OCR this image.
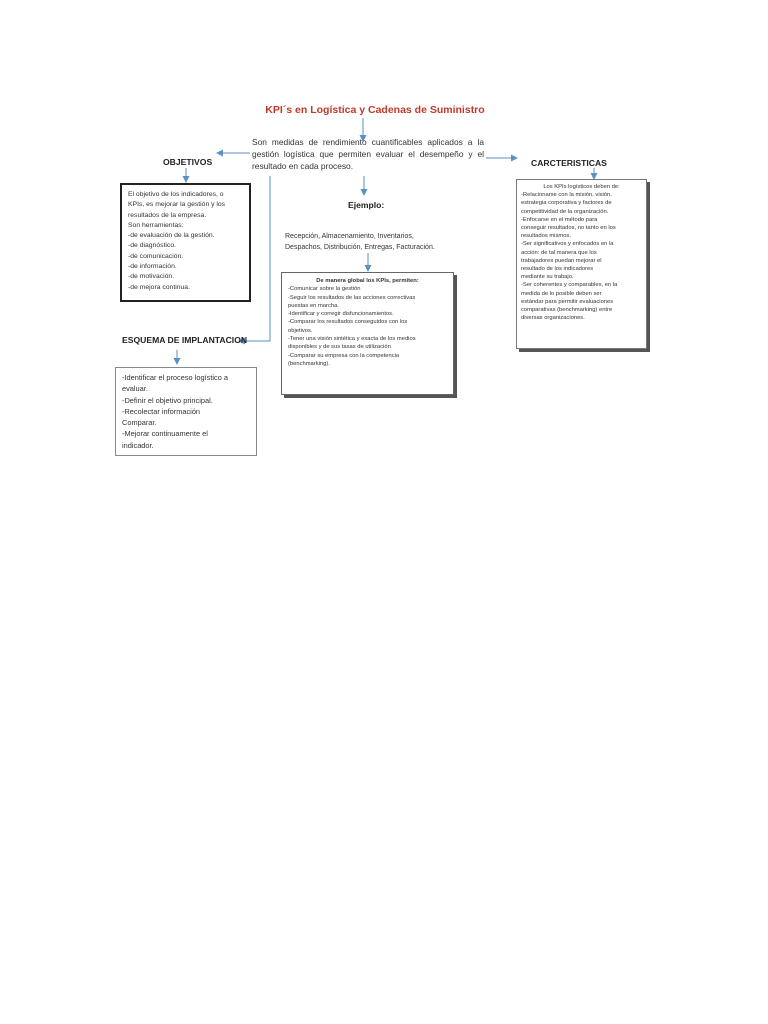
KPI´s en Logística y Cadenas de Suministro
Son medidas de rendimiento cuantificables aplicados a la gestión logística que permiten evaluar el desempeño y el resultado en cada proceso.
OBJETIVOS
El objetivo de los indicadores, o
KPIs, es mejorar la gestión y los
resultados de la empresa.
Son herramientas:
-de evaluación de la gestión.
-de diagnóstico.
-de comunicación.
-de información.
-de motivación.
-de mejora continua.
CARCTERISTICAS
Los KPIs logísticos deben de:
-Relacionarse con la misión, visión,
estrategia corporativa y factores de
competitividad de la organización.
-Enfocarse en el método para
conseguir resultados, no tanto en los
resultados mismos.
-Ser significativos y enfocados en la
acción: de tal manera que los
trabajadores puedan mejorar el
resultado de los indicadores
mediante su trabajo.
-Ser coherentes y comparables, en la
medida de lo posible deben ser
estándar para permitir evaluaciones
comparativas (benchmarking) entre
diversas organizaciones.
Ejemplo:
Recepción, Almacenamiento, Inventarios,
Despachos, Distribución, Entregas, Facturación.
De manera global los KPIs, permiten:
-Comunicar sobre la gestión
-Seguir los resultados de las acciones correctivas
puestas en marcha.
-Identificar y corregir disfuncionamientos.
-Comparar los resultados conseguidos con los
objetivos.
-Tener una visión sintética y exacta de los medios
disponibles y de sus tasas de utilización
-Comparar su empresa con la competencia
(benchmarking).
ESQUEMA DE IMPLANTACION
-Identificar el proceso logístico a
evaluar.
-Definir el objetivo principal.
-Recolectar información
Comparar.
-Mejorar continuamente el
indicador.
